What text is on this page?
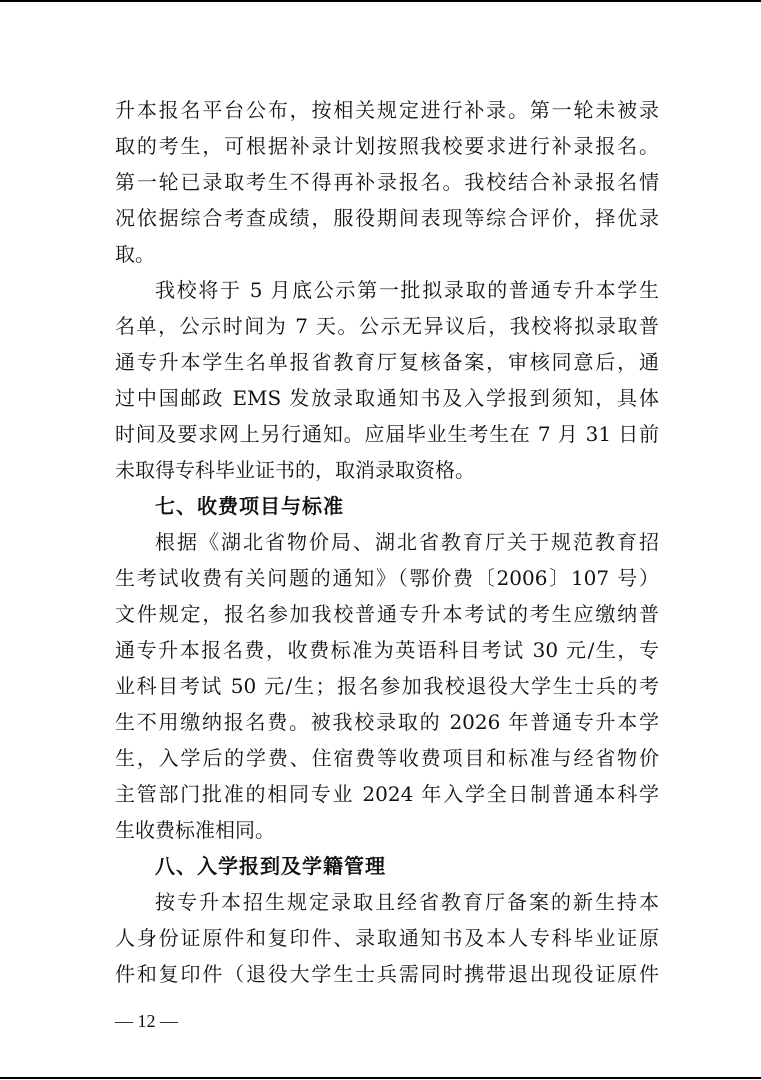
升本报名平台公布，按相关规定进行补录。第一轮未被录
取的考生，可根据补录计划按照我校要求进行补录报名。
第一轮已录取考生不得再补录报名。我校结合补录报名情
况依据综合考查成绩，服役期间表现等综合评价，择优录
取。
我校将于 5 月底公示第一批拟录取的普通专升本学生
名单，公示时间为 7 天。公示无异议后，我校将拟录取普
通专升本学生名单报省教育厅复核备案，审核同意后，通
过中国邮政 EMS 发放录取通知书及入学报到须知，具体
时间及要求网上另行通知。应届毕业生考生在 7 月 31 日前
未取得专科毕业证书的，取消录取资格。
七、收费项目与标准
根据《湖北省物价局、湖北省教育厅关于规范教育招
生考试收费有关问题的通知》（鄂价费〔2006〕107 号）
文件规定，报名参加我校普通专升本考试的考生应缴纳普
通专升本报名费，收费标准为英语科目考试 30 元/生，专
业科目考试 50 元/生；报名参加我校退役大学生士兵的考
生不用缴纳报名费。被我校录取的 2026 年普通专升本学
生，入学后的学费、住宿费等收费项目和标准与经省物价
主管部门批准的相同专业 2024 年入学全日制普通本科学
生收费标准相同。
八、入学报到及学籍管理
按专升本招生规定录取且经省教育厅备案的新生持本
人身份证原件和复印件、录取通知书及本人专科毕业证原
件和复印件（退役大学生士兵需同时携带退出现役证原件
— 12 —
